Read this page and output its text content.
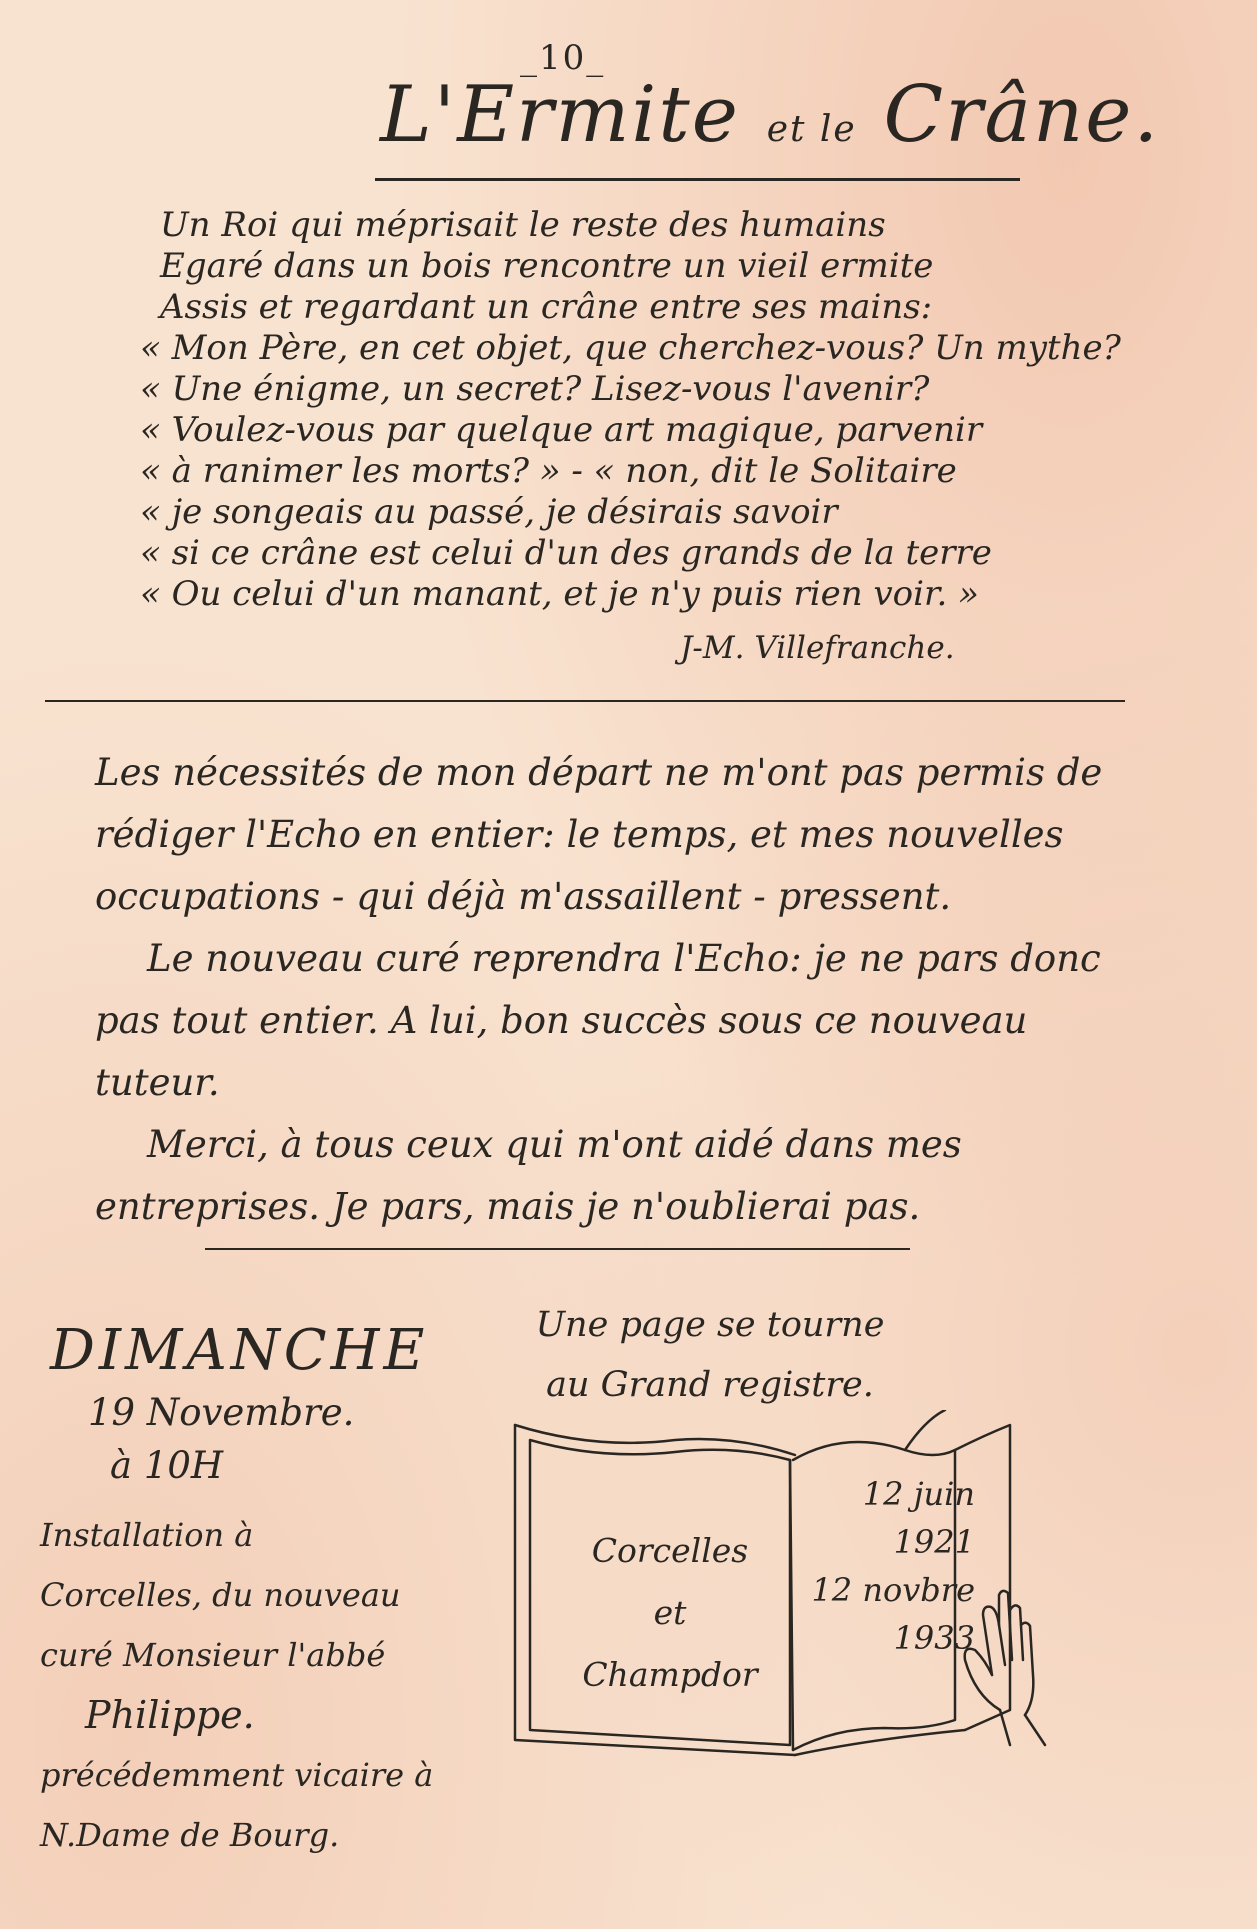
_10_
L'Ermite et le Crâne.
Un Roi qui méprisait le reste des humains
Egaré dans un bois rencontre un vieil ermite
Assis et regardant un crâne entre ses mains:
« Mon Père, en cet objet, que cherchez-vous? Un mythe?
« Une énigme, un secret? Lisez-vous l'avenir?
« Voulez-vous par quelque art magique, parvenir
« à ranimer les morts? » - « non, dit le Solitaire
« je songeais au passé, je désirais savoir
« si ce crâne est celui d'un des grands de la terre
« Ou celui d'un manant, et je n'y puis rien voir. »
J-M. Villefranche.

Les nécessités de mon départ ne m'ont pas permis de rédiger l'Echo en entier: le temps, et mes nouvelles occupations - qui déjà m'assaillent - pressent.

Le nouveau curé reprendra l'Echo: je ne pars donc pas tout entier. A lui, bon succès sous ce nouveau tuteur.

Merci, à tous ceux qui m'ont aidé dans mes entreprises. Je pars, mais je n'oublierai pas.

DIMANCHE
19 Novembre.
à 10H
Installation à
Corcelles, du nouveau
curé Monsieur l'abbé
Philippe.
précédemment vicaire à
N.Dame de Bourg.
Une page se tourne
au Grand registre.
Corcelles
et
Champdor
12 juin
1921
12 novbre
1933
